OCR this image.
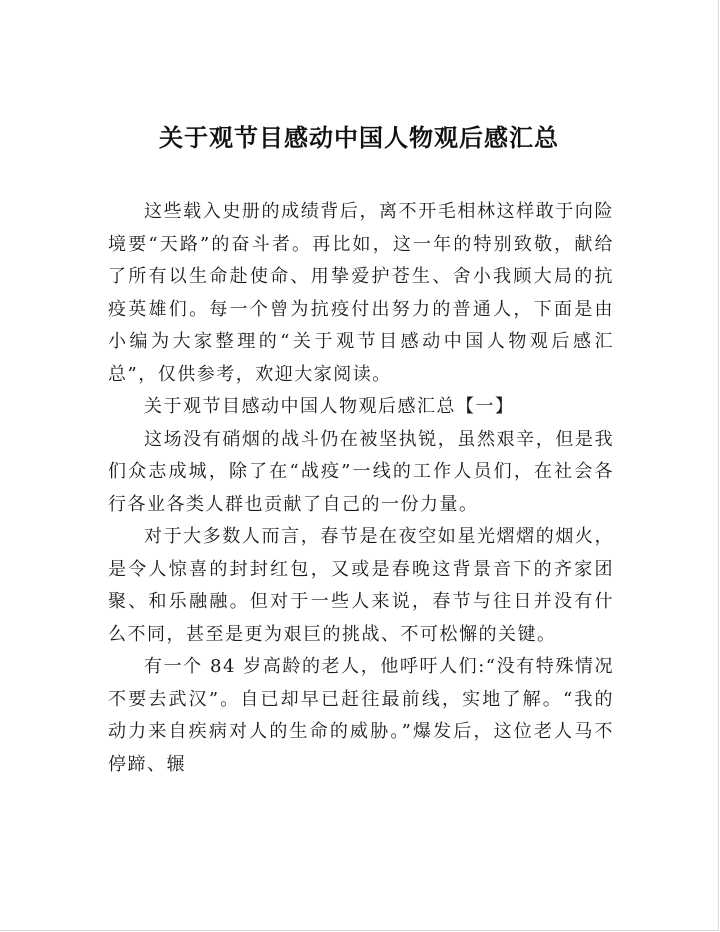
关于观节目感动中国人物观后感汇总

这些载入史册的成绩背后，离不开毛相林这样敢于向险境要“天路”的奋斗者。再比如，这一年的特别致敬，献给了所有以生命赴使命、用挚爱护苍生、舍小我顾大局的抗疫英雄们。每一个曾为抗疫付出努力的普通人，下面是由小编为大家整理的“关于观节目感动中国人物观后感汇总”，仅供参考，欢迎大家阅读。

关于观节目感动中国人物观后感汇总【一】

这场没有硝烟的战斗仍在被坚执锐，虽然艰辛，但是我们众志成城，除了在“战疫”一线的工作人员们，在社会各行各业各类人群也贡献了自己的一份力量。

对于大多数人而言，春节是在夜空如星光熠熠的烟火，是令人惊喜的封封红包，又或是春晚这背景音下的齐家团聚、和乐融融。但对于一些人来说，春节与往日并没有什么不同，甚至是更为艰巨的挑战、不可松懈的关键。

有一个 84 岁高龄的老人，他呼吁人们:“没有特殊情况不要去武汉”。自已却早已赶往最前线，实地了解。“我的动力来自疾病对人的生命的威胁。”爆发后，这位老人马不停蹄、辗
